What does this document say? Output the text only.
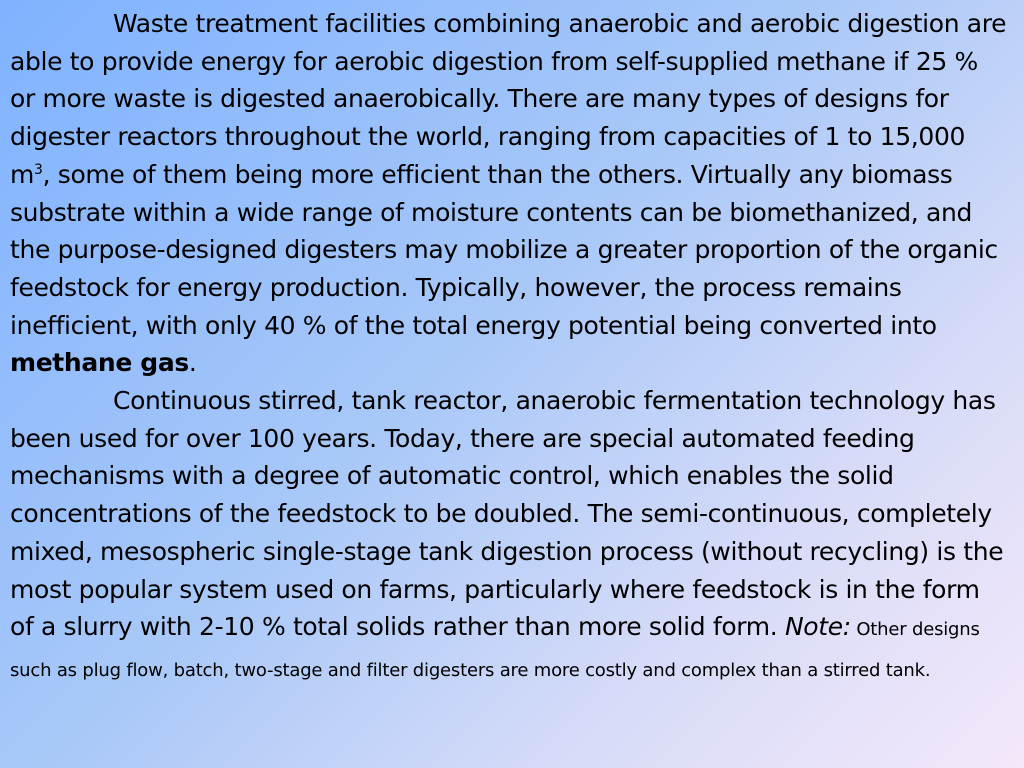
Waste treatment facilities combining anaerobic and aerobic digestion are able to provide energy for aerobic digestion from self-supplied methane if 25 % or more waste is digested anaerobically. There are many types of designs for digester reactors throughout the world, ranging from capacities of 1 to 15,000 $m^3$, some of them being more efficient than the others. Virtually any biomass substrate within a wide range of moisture contents can be biomethanized, and the purpose-designed digesters may mobilize a greater proportion of the organic feedstock for energy production. Typically, however, the process remains inefficient, with only 40 % of the total energy potential being converted into methane gas.

Continuous stirred, tank reactor, anaerobic fermentation technology has been used for over 100 years. Today, there are special automated feeding mechanisms with a degree of automatic control, which enables the solid concentrations of the feedstock to be doubled. The semi-continuous, completely mixed, mesospheric single-stage tank digestion process (without recycling) is the most popular system used on farms, particularly where feedstock is in the form of a slurry with 2-10 % total solids rather than more solid form. Note: Other designs such as plug flow, batch, two-stage and filter digesters are more costly and complex than a stirred tank.
